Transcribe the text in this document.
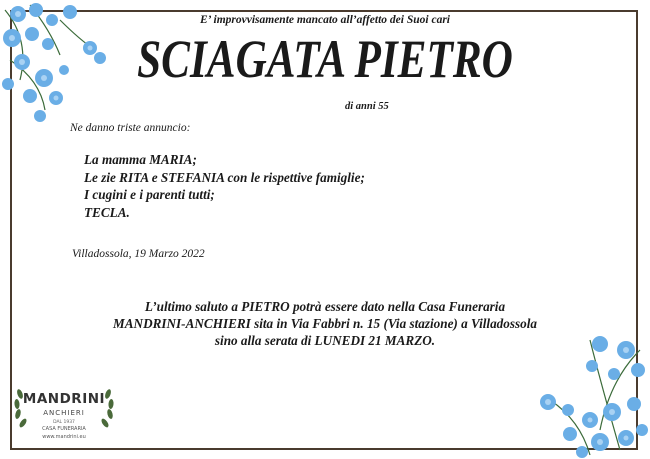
E’ improvvisamente mancato all’affetto dei Suoi cari
SCIAGATA PIETRO
di anni 55
Ne danno triste annuncio:
La mamma MARIA;
Le zie RITA e STEFANIA con le rispettive famiglie;
I cugini e i parenti tutti;
TECLA.
Villadossola, 19 Marzo 2022
L’ultimo saluto a PIETRO potrà essere dato nella Casa Funeraria
MANDRINI-ANCHIERI sita in Via Fabbri n. 15 (Via stazione) a Villadossola
sino alla serata di LUNEDI 21 MARZO.
MANDRINI
ANCHIERI
DAL 1937
CASA FUNERARIA
www.mandrini.eu
